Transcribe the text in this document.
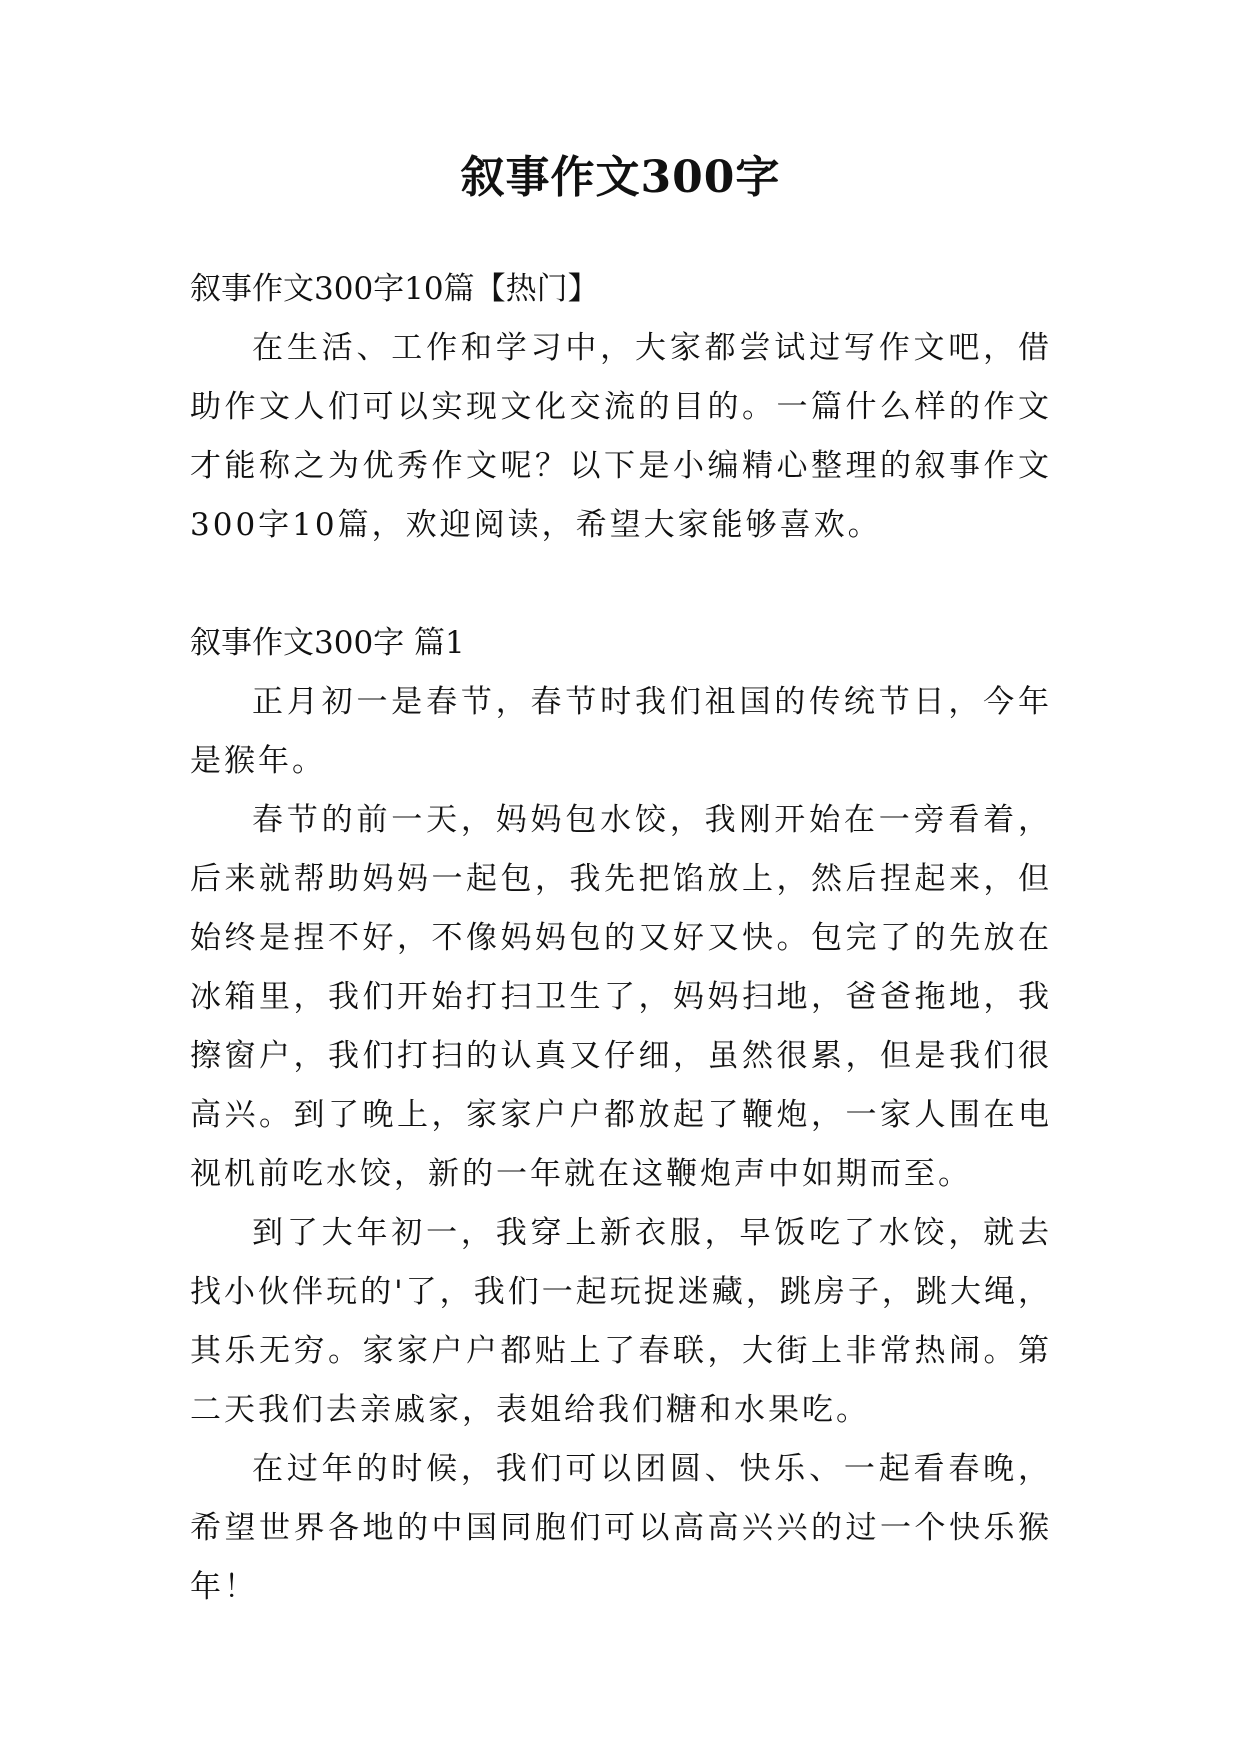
叙事作文300字

叙事作文300字10篇【热门】

在生活、工作和学习中，大家都尝试过写作文吧，借助作文人们可以实现文化交流的目的。一篇什么样的作文才能称之为优秀作文呢？以下是小编精心整理的叙事作文300字10篇，欢迎阅读，希望大家能够喜欢。

叙事作文300字 篇1

正月初一是春节，春节时我们祖国的传统节日，今年是猴年。

春节的前一天，妈妈包水饺，我刚开始在一旁看着，后来就帮助妈妈一起包，我先把馅放上，然后捏起来，但始终是捏不好，不像妈妈包的又好又快。包完了的先放在冰箱里，我们开始打扫卫生了，妈妈扫地，爸爸拖地，我擦窗户，我们打扫的认真又仔细，虽然很累，但是我们很高兴。到了晚上，家家户户都放起了鞭炮，一家人围在电视机前吃水饺，新的一年就在这鞭炮声中如期而至。

到了大年初一，我穿上新衣服，早饭吃了水饺，就去找小伙伴玩的'了，我们一起玩捉迷藏，跳房子，跳大绳，其乐无穷。家家户户都贴上了春联，大街上非常热闹。第二天我们去亲戚家，表姐给我们糖和水果吃。

在过年的时候，我们可以团圆、快乐、一起看春晚，希望世界各地的中国同胞们可以高高兴兴的过一个快乐猴年！
